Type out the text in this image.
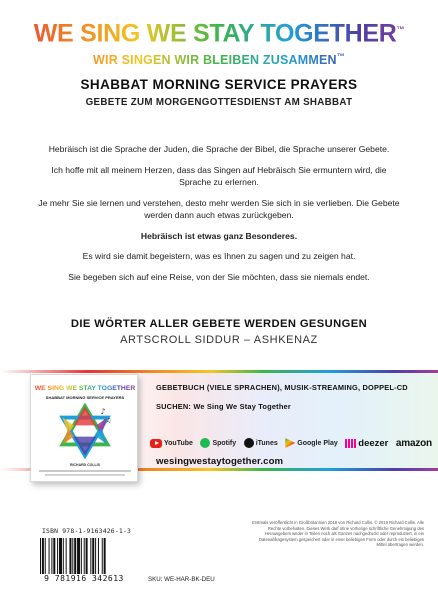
WE SING WE STAY TOGETHER™
WIR SINGEN WIR BLEIBEN ZUSAMMEN™
SHABBAT MORNING SERVICE PRAYERS
GEBETE ZUM MORGENGOTTESDIENST AM SHABBAT

Hebräisch ist die Sprache der Juden, die Sprache der Bibel, die Sprache unserer Gebete.

Ich hoffe mit all meinem Herzen, dass das Singen auf Hebräisch Sie ermuntern wird, die Sprache zu erlernen.

Je mehr Sie sie lernen und verstehen, desto mehr werden Sie sich in sie verlieben. Die Gebete werden dann auch etwas zurückgeben.

Hebräisch ist etwas ganz Besonderes.

Es wird sie damit begeistern, was es Ihnen zu sagen und zu zeigen hat.

Sie begeben sich auf eine Reise, von der Sie möchten, dass sie niemals endet.

DIE WÖRTER ALLER GEBETE WERDEN GESUNGEN
ARTSCROLL SIDDUR – ASHKENAZ
WE SING WE STAY TOGETHER
SHABBAT MORNING SERVICE PRAYERS
♪
♫
RICHARD COLLIS
GEBETBUCH (VIELE SPRACHEN), MUSIK-STREAMING, DOPPEL-CD
SUCHEN: We Sing We Stay Together
YouTube	Spotify	iTunes	Google Play deezer amazon
wesingwestaytogether.com
ISBN 978-1-9163426-1-3
9 781916 342613	SKU: WE-HAR-BK-DEU
Erstmals veröffentlicht in Großbritannien 2019 von Richard Collis. © 2019 Richard Collis. Alle Rechte vorbehalten. Dieses Werk darf ohne vorherige schriftliche Genehmigung des Herausgebers weder in Teilen noch als Ganzes nachgedruckt oder reproduziert, in ein Datenabfragesystem gespeichert oder in einer beliebigen Form oder durch ein beliebiges Mittel übertragen werden.
